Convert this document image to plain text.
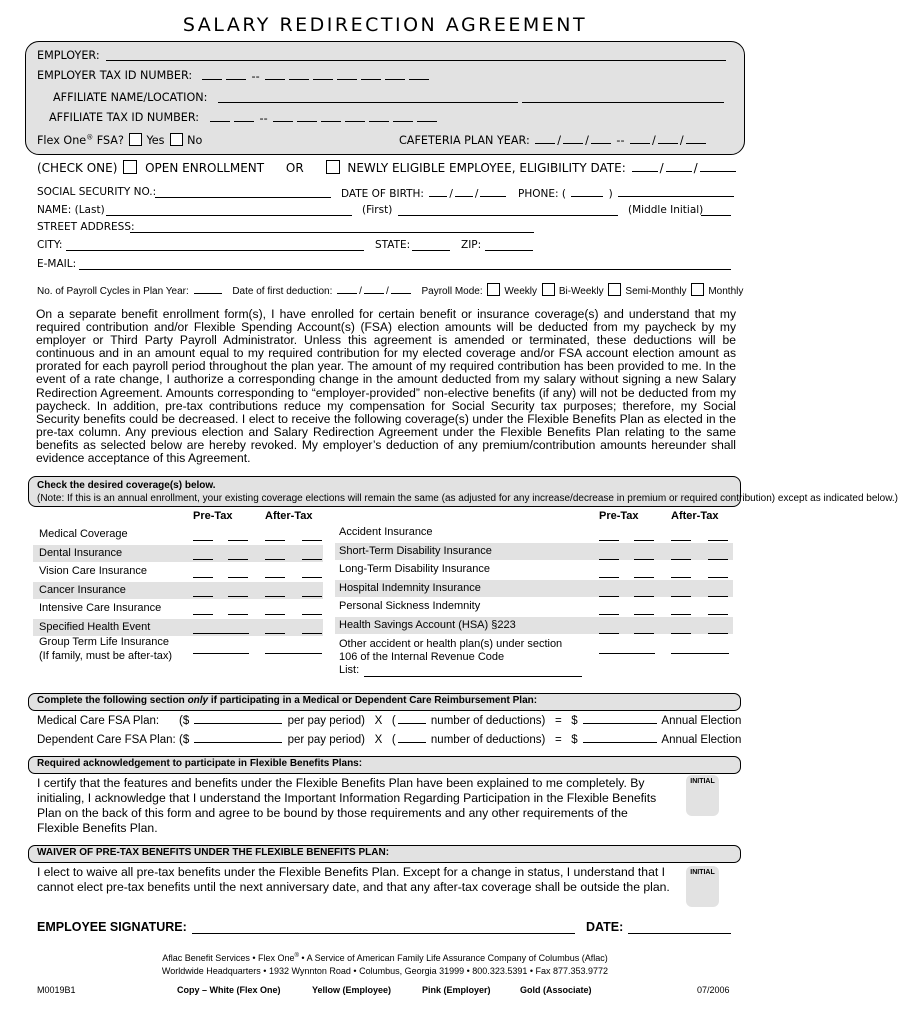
SALARY REDIRECTION AGREEMENT
EMPLOYER:
EMPLOYER TAX ID NUMBER:	--
AFFILIATE NAME/LOCATION:
AFFILIATE TAX ID NUMBER:	--
Flex One® FSA? Yes No	CAFETERIA PLAN YEAR: / / -- / /
(CHECK ONE) OPEN ENROLLMENT OR	NEWLY ELIGIBLE EMPLOYEE, ELIGIBILITY DATE:	/	/
SOCIAL SECURITY NO.:	DATE OF BIRTH: / /	PHONE: (	)
NAME: (Last)	(First)	(Middle Initial)
STREET ADDRESS:
CITY:	STATE:	ZIP:
E-MAIL:
No. of Payroll Cycles in Plan Year:	Date of first deduction:	/ /	Payroll Mode: Weekly Bi-Weekly Semi-Monthly Monthly
On a separate benefit enrollment form(s), I have enrolled for certain benefit or insurance coverage(s) and understand that my required contribution and/or Flexible Spending Account(s) (FSA) election amounts will be deducted from my paycheck by my employer or Third Party Payroll Administrator. Unless this agreement is amended or terminated, these deductions will be continuous and in an amount equal to my required contribution for my elected coverage and/or FSA account election amount as prorated for each payroll period throughout the plan year. The amount of my required contribution has been provided to me. In the event of a rate change, I authorize a corresponding change in the amount deducted from my salary without signing a new Salary Redirection Agreement. Amounts corresponding to “employer-provided” non-elective benefits (if any) will not be deducted from my paycheck. In addition, pre-tax contributions reduce my compensation for Social Security tax purposes; therefore, my Social Security benefits could be decreased. I elect to receive the following coverage(s) under the Flexible Benefits Plan as elected in the pre-tax column. Any previous election and Salary Redirection Agreement under the Flexible Benefits Plan relating to the same benefits as selected below are hereby revoked. My employer’s deduction of any premium/contribution amounts hereunder shall evidence acceptance of this Agreement.
Check the desired coverage(s) below. (Note: If this is an annual enrollment, your existing coverage elections will remain the same (as adjusted for any increase/decrease in premium or required contribution) except as indicated below.)
Pre-Tax	After-Tax	Pre-Tax	After-Tax
Medical Coverage	Accident Insurance
Dental Insurance	Short-Term Disability Insurance
Vision Care Insurance	Long-Term Disability Insurance
Cancer Insurance	Hospital Indemnity Insurance
Intensive Care Insurance	Personal Sickness Indemnity
Specified Health Event	Health Savings Account (HSA) §223
Group Term Life Insurance
(If family, must be after-tax)
Other accident or health plan(s) under section
106 of the Internal Revenue Code
List:
Complete the following section only if participating in a Medical or Dependent Care Reimbursement Plan:
Medical Care FSA Plan: ($	per pay period) X (	number of deductions) = $	Annual Election
Dependent Care FSA Plan: ($	per pay period) X (	number of deductions) = $	Annual Election
Required acknowledgement to participate in Flexible Benefits Plans:
I certify that the features and benefits under the Flexible Benefits Plan have been explained to me completely. By initialing, I acknowledge that I understand the Important Information Regarding Participation in the Flexible Benefits Plan on the back of this form and agree to be bound by those requirements and any other requirements of the Flexible Benefits Plan.
INITIAL
WAIVER OF PRE-TAX BENEFITS UNDER THE FLEXIBLE BENEFITS PLAN:
I elect to waive all pre-tax benefits under the Flexible Benefits Plan. Except for a change in status, I understand that I cannot elect pre-tax benefits until the next anniversary date, and that any after-tax coverage shall be outside the plan.
INITIAL
EMPLOYEE SIGNATURE:	DATE:
Aflac Benefit Services • Flex One® • A Service of American Family Life Assurance Company of Columbus (Aflac)
Worldwide Headquarters • 1932 Wynnton Road • Columbus, Georgia 31999 • 800.323.5391 • Fax 877.353.9772
M0019B1	Copy – White (Flex One)	Yellow (Employee)	Pink (Employer)	Gold (Associate)	07/2006
